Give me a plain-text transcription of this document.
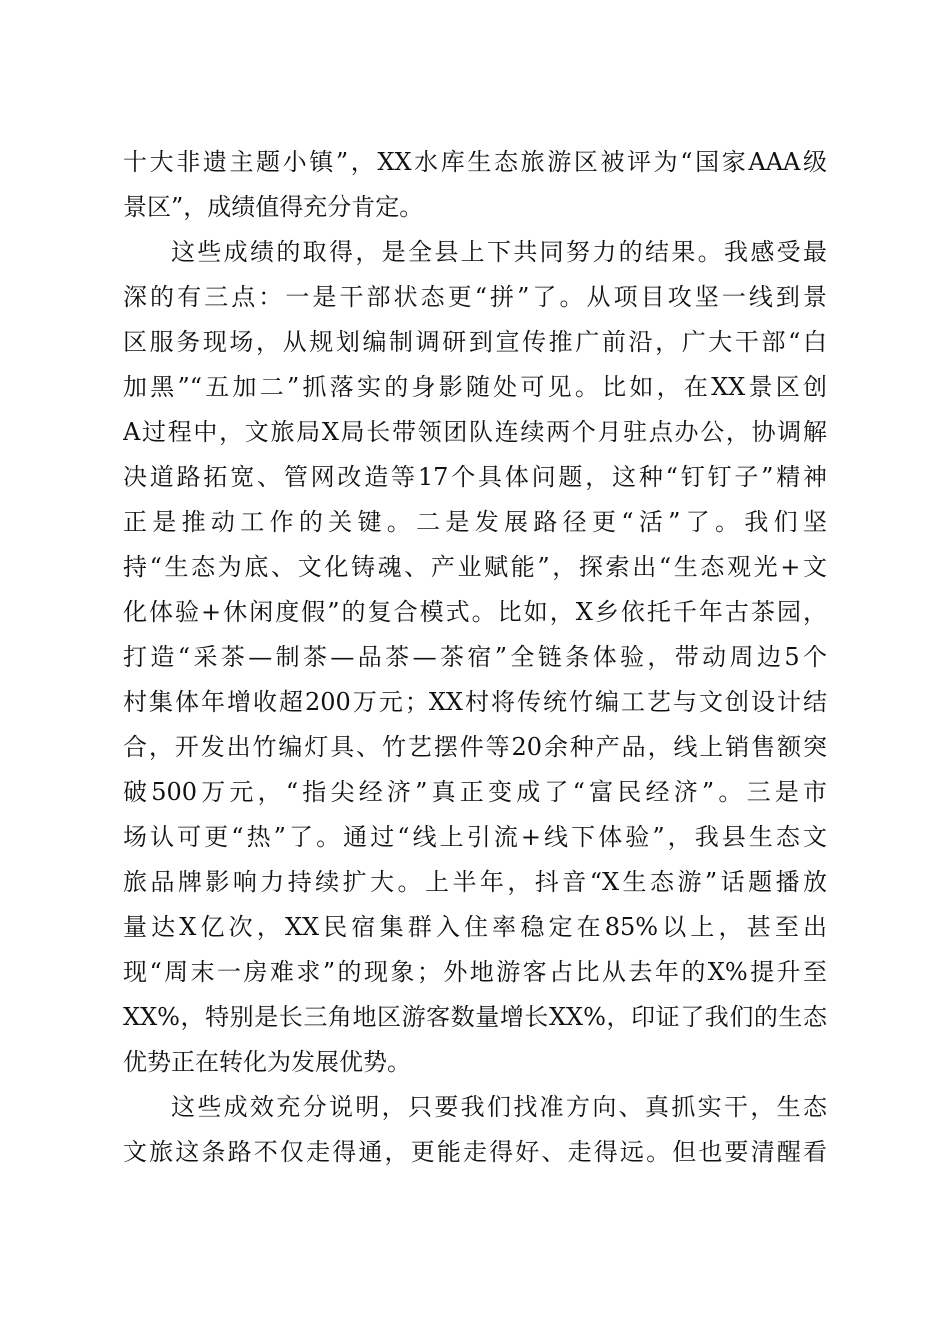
十大非遗主题小镇”，XX水库生态旅游区被评为“国家AAA级
景区”，成绩值得充分肯定。
这些成绩的取得，是全县上下共同努力的结果。我感受最
深的有三点：一是干部状态更“拼”了。从项目攻坚一线到景
区服务现场，从规划编制调研到宣传推广前沿，广大干部“白
加黑”“五加二”抓落实的身影随处可见。比如，在XX景区创
A过程中，文旅局X局长带领团队连续两个月驻点办公，协调解
决道路拓宽、管网改造等17个具体问题，这种“钉钉子”精神
正是推动工作的关键。二是发展路径更“活”了。我们坚
持“生态为底、文化铸魂、产业赋能”，探索出“生态观光+文
化体验+休闲度假”的复合模式。比如，X乡依托千年古茶园，
打造“采茶—制茶—品茶—茶宿”全链条体验，带动周边5个
村集体年增收超200万元；XX村将传统竹编工艺与文创设计结
合，开发出竹编灯具、竹艺摆件等20余种产品，线上销售额突
破500万元，“指尖经济”真正变成了“富民经济”。三是市
场认可更“热”了。通过“线上引流+线下体验”，我县生态文
旅品牌影响力持续扩大。上半年，抖音“X生态游”话题播放
量达X亿次，XX民宿集群入住率稳定在85%以上，甚至出
现“周末一房难求”的现象；外地游客占比从去年的X%提升至
XX%，特别是长三角地区游客数量增长XX%，印证了我们的生态
优势正在转化为发展优势。
这些成效充分说明，只要我们找准方向、真抓实干，生态
文旅这条路不仅走得通，更能走得好、走得远。但也要清醒看
